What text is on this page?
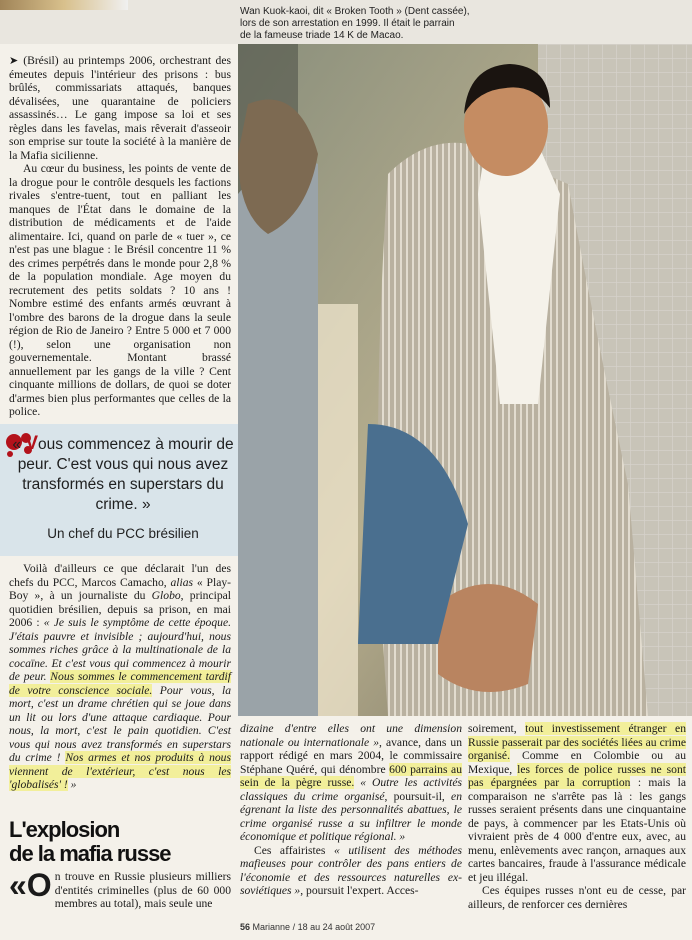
Wan Kuok-kaoi, dit « Broken Tooth » (Dent cassée),

lors de son arrestation en 1999. Il était le parrain

de la fameuse triade 14 K de Macao.

➤ (Brésil) au printemps 2006, orchestrant des émeutes depuis l'intérieur des prisons : bus brûlés, commissariats attaqués, banques dévalisées, une quarantaine de policiers assassinés… Le gang impose sa loi et ses règles dans les favelas, mais rêverait d'asseoir son emprise sur toute la société à la manière de la Mafia sicilienne.

Au cœur du business, les points de vente de la drogue pour le contrôle desquels les factions rivales s'entre-tuent, tout en palliant les manques de l'État dans le domaine de la distribution de médicaments et de l'aide alimentaire. Ici, quand on parle de « tuer », ce n'est pas une blague : le Brésil concentre 11 % des crimes perpétrés dans le monde pour 2,8 % de la population mondiale. Age moyen du recrutement des petits soldats ? 10 ans ! Nombre estimé des enfants armés œuvrant à l'ombre des barons de la drogue dans la seule région de Rio de Janeiro ? Entre 5 000 et 7 000 (!), selon une organisation non gouvernementale. Montant brassé annuellement par les gangs de la ville ? Cent cinquante millions de dollars, de quoi se doter d'armes bien plus performantes que celles de la police.

« Vous commencez à mourir de peur. C'est vous qui nous avez transformés en superstars du crime. »
Un chef du PCC brésilien

Voilà d'ailleurs ce que déclarait l'un des chefs du PCC, Marcos Camacho, alias « Play-Boy », à un journaliste du Globo, principal quotidien brésilien, depuis sa prison, en mai 2006 : « Je suis le symptôme de cette époque. J'étais pauvre et invisible ; aujourd'hui, nous sommes riches grâce à la multinationale de la cocaïne. Et c'est vous qui commencez à mourir de peur. Nous sommes le commencement tardif de votre conscience sociale. Pour vous, la mort, c'est un drame chrétien qui se joue dans un lit ou lors d'une attaque cardiaque. Pour nous, la mort, c'est le pain quotidien. C'est vous qui nous avez transformés en superstars du crime ! Nos armes et nos produits à nous viennent de l'extérieur, c'est nous les 'globalisés' ! »

L'explosion
de la mafia russe

«On trouve en Russie plusieurs milliers d'entités criminelles (plus de 60 000 membres au total), mais seule une

dizaine d'entre elles ont une dimension nationale ou internationale », avance, dans un rapport rédigé en mars 2004, le commissaire Stéphane Quéré, qui dénombre 600 parrains au sein de la pègre russe. « Outre les activités classiques du crime organisé, poursuit-il, en égrenant la liste des personnalités abattues, le crime organisé russe a su infiltrer le monde économique et politique régional. »

Ces affairistes « utilisent des méthodes mafieuses pour contrôler des pans entiers de l'économie et des ressources naturelles ex-soviétiques », poursuit l'expert. Acces-

soirement, tout investissement étranger en Russie passerait par des sociétés liées au crime organisé. Comme en Colombie ou au Mexique, les forces de police russes ne sont pas épargnées par la corruption : mais la comparaison ne s'arrête pas là : les gangs russes seraient présents dans une cinquantaine de pays, à commencer par les Etats-Unis où vivraient près de 4 000 d'entre eux, avec, au menu, enlèvements avec rançon, arnaques aux cartes bancaires, fraude à l'assurance médicale et jeu illégal.

Ces équipes russes n'ont eu de cesse, par ailleurs, de renforcer ces dernières

56 Marianne / 18 au 24 août 2007
